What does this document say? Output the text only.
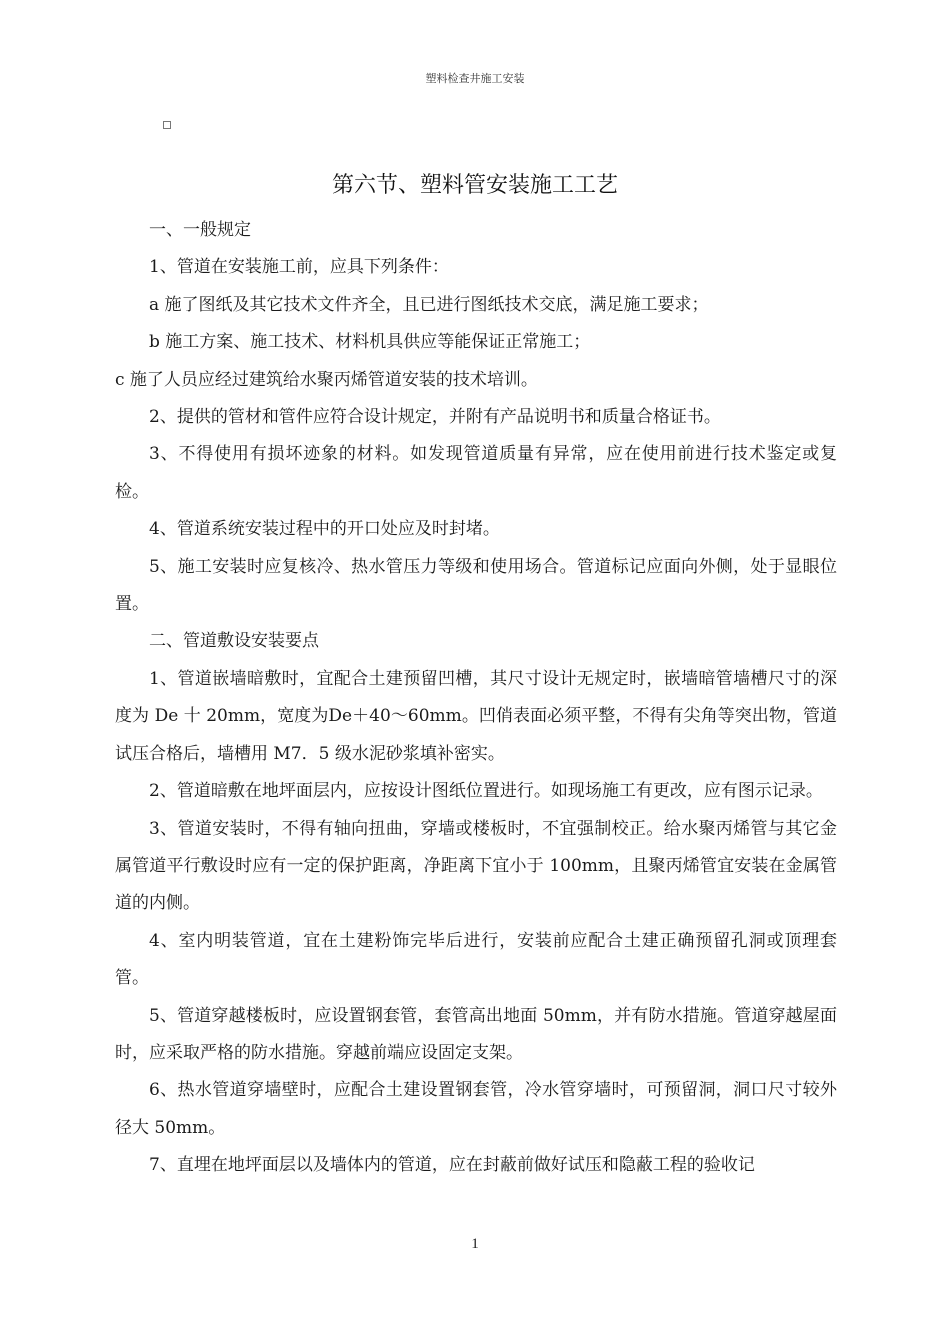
塑料检查井施工安装
第六节、塑料管安装施工工艺

一、一般规定

1、管道在安装施工前，应具下列条件：

a 施了图纸及其它技术文件齐全，且已进行图纸技术交底，满足施工要求；

b 施工方案、施工技术、材料机具供应等能保证正常施工；

c 施了人员应经过建筑给水聚丙烯管道安装的技术培训。

2、提供的管材和管件应符合设计规定，并附有产品说明书和质量合格证书。

3、不得使用有损坏迹象的材料。如发现管道质量有异常，应在使用前进行技术鉴定或复检。

4、管道系统安装过程中的开口处应及时封堵。

5、施工安装时应复核冷、热水管压力等级和使用场合。管道标记应面向外侧，处于显眼位置。

二、管道敷设安装要点

1、管道嵌墙暗敷时，宜配合土建预留凹槽，其尺寸设计无规定时，嵌墙暗管墙槽尺寸的深度为 De 十 20mm，宽度为De＋40～60mm。凹俏表面必须平整，不得有尖角等突出物，管道试压合格后，墙槽用 M7．5 级水泥砂浆填补密实。

2、管道暗敷在地坪面层内，应按设计图纸位置进行。如现场施工有更改，应有图示记录。

3、管道安装时，不得有轴向扭曲，穿墙或楼板时，不宜强制校正。给水聚丙烯管与其它金属管道平行敷设时应有一定的保护距离，净距离下宜小于 100mm，且聚丙烯管宜安装在金属管道的内侧。

4、室内明装管道，宜在土建粉饰完毕后进行，安装前应配合土建正确预留孔洞或顶理套管。

5、管道穿越楼板时，应设置钢套管，套管高出地面 50mm，并有防水措施。管道穿越屋面时，应采取严格的防水措施。穿越前端应设固定支架。

6、热水管道穿墙壁时，应配合土建设置钢套管，冷水管穿墙时，可预留洞，洞口尺寸较外径大 50mm。

7、直埋在地坪面层以及墙体内的管道，应在封蔽前做好试压和隐蔽工程的验收记

1
